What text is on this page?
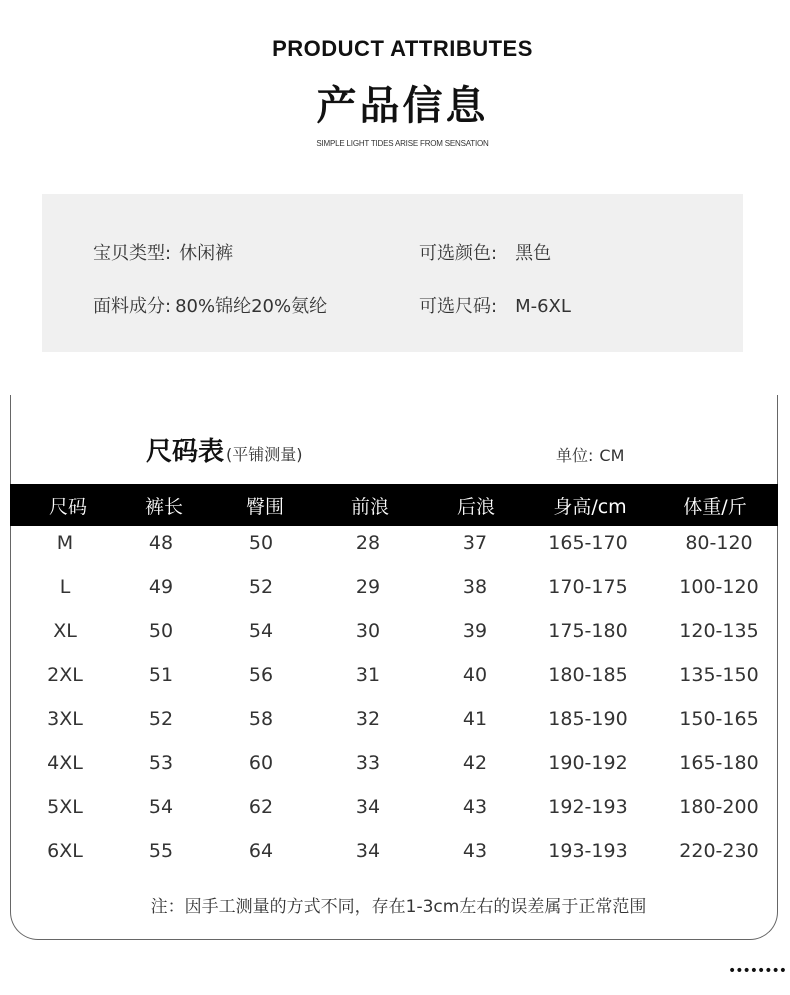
PRODUCT ATTRIBUTES
产品信息
SIMPLE LIGHT TIDES ARISE FROM SENSATION
宝贝类型: 休闲裤	可选颜色: 黑色
面料成分: 80%锦纶20%氨纶	可选尺码: M-6XL
尺码表 (平铺测量)	单位: CM
尺码	裤长	臀围	前浪	后浪	身高/cm	体重/斤
M	48	50	28	37	165-170	80-120
L	49	52	29	38	170-175	100-120
XL	50	54	30	39	175-180	120-135
2XL	51	56	31	40	180-185	135-150
3XL	52	58	32	41	185-190	150-165
4XL	53	60	33	42	190-192	165-180
5XL	54	62	34	43	192-193	180-200
6XL	55	64	34	43	193-193	220-230
注：因手工测量的方式不同，存在1-3cm左右的误差属于正常范围
••••••••
